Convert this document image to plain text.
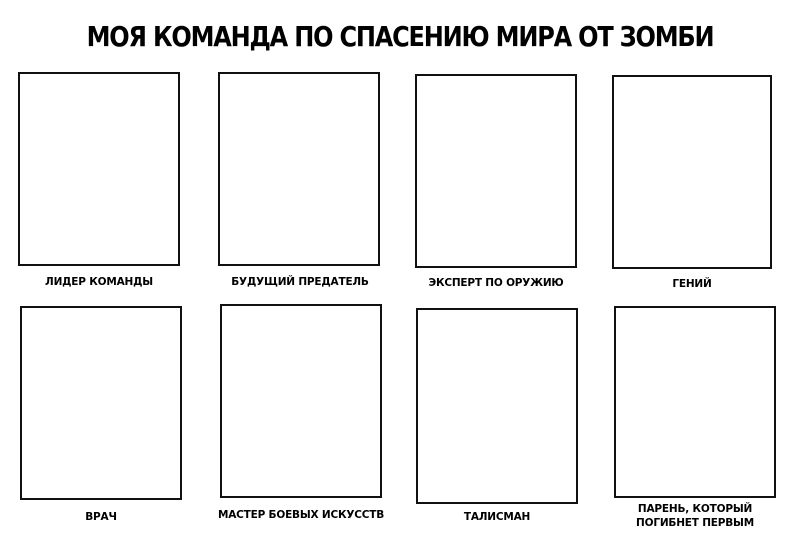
МОЯ КОМАНДА ПО СПАСЕНИЮ МИРА ОТ ЗОМБИ
ЛИДЕР КОМАНДЫ	БУДУЩИЙ ПРЕДАТЕЛЬ	ЭКСПЕРТ ПО ОРУЖИЮ	ГЕНИЙ
ВРАЧ	МАСТЕР БОЕВЫХ ИСКУССТВ	ТАЛИСМАН
ПАРЕНЬ, КОТОРЫЙ
ПОГИБНЕТ ПЕРВЫМ
